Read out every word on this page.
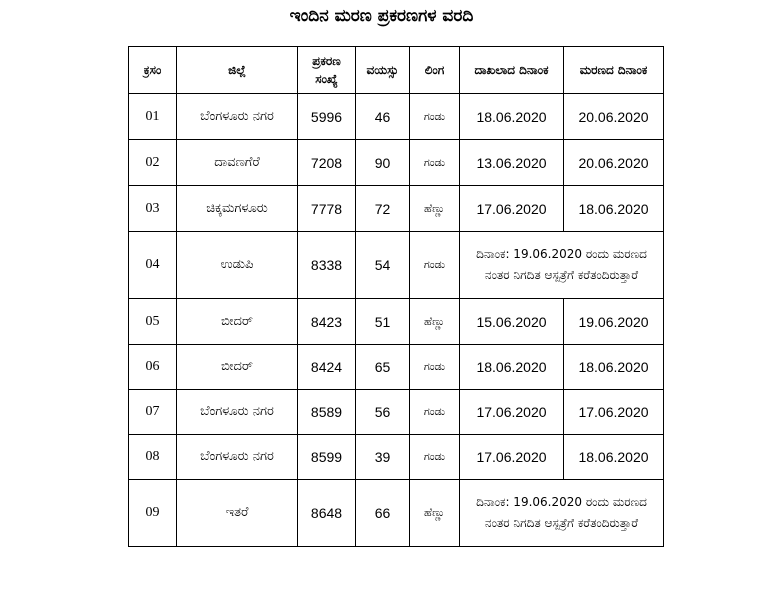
ಇಂದಿನ ಮರಣ ಪ್ರಕರಣಗಳ ವರದಿ
ಕ್ರಸಂ	ಜಿಲ್ಲೆ	ಪ್ರಕರಣ ಸಂಖ್ಯೆ	ವಯಸ್ಸು	ಲಿಂಗ	ದಾಖಲಾದ ದಿನಾಂಕ	ಮರಣದ ದಿನಾಂಕ
01	ಬೆಂಗಳೂರು ನಗರ	5996	46	ಗಂಡು	18.06.2020	20.06.2020
02	ದಾವಣಗೆರೆ	7208	90	ಗಂಡು	13.06.2020	20.06.2020
03	ಚಿಕ್ಕಮಗಳೂರು	7778	72	ಹೆಣ್ಣು	17.06.2020	18.06.2020
04	ಉಡುಪಿ	8338	54	ಗಂಡು	ದಿನಾಂಕ: 19.06.2020 ರಂದು ಮರಣದ ನಂತರ ನಿಗದಿತ ಆಸ್ಪತ್ರೆಗೆ ಕರೆತಂದಿರುತ್ತಾರೆ	
05	ಬೀದರ್	8423	51	ಹೆಣ್ಣು	15.06.2020	19.06.2020
06	ಬೀದರ್	8424	65	ಗಂಡು	18.06.2020	18.06.2020
07	ಬೆಂಗಳೂರು ನಗರ	8589	56	ಗಂಡು	17.06.2020	17.06.2020
08	ಬೆಂಗಳೂರು ನಗರ	8599	39	ಗಂಡು	17.06.2020	18.06.2020
09	ಇತರೆ	8648	66	ಹೆಣ್ಣು	ದಿನಾಂಕ: 19.06.2020 ರಂದು ಮರಣದ ನಂತರ ನಿಗದಿತ ಆಸ್ಪತ್ರೆಗೆ ಕರೆತಂದಿರುತ್ತಾರೆ	
